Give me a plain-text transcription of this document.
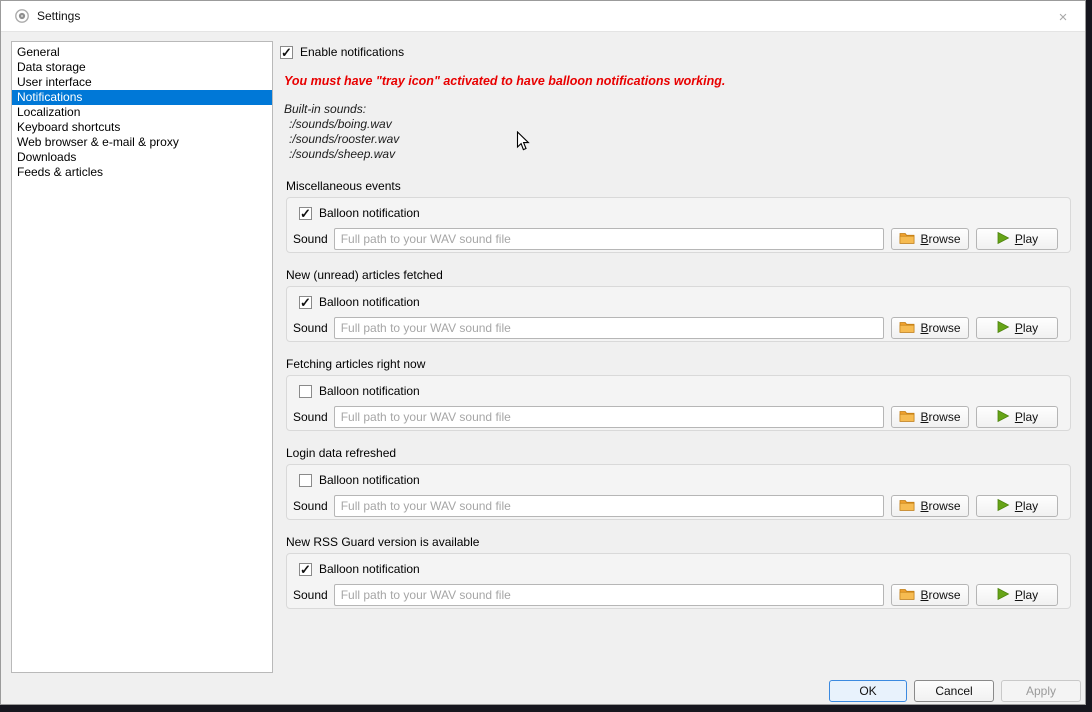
Settings	×
General
Data storage
User interface
Notifications
Localization
Keyboard shortcuts
Web browser & e-mail & proxy
Downloads
Feeds & articles
✓
Enable notifications
You must have "tray icon" activated to have balloon notifications working.
Built-in sounds:
:/sounds/boing.wav
:/sounds/rooster.wav
:/sounds/sheep.wav
Miscellaneous events
✓
Balloon notification
Sound
Full path to your WAV sound file	Browse	Play
New (unread) articles fetched
✓
Balloon notification
Sound
Full path to your WAV sound file	Browse	Play
Fetching articles right now
Balloon notification
Sound
Full path to your WAV sound file	Browse	Play
Login data refreshed
Balloon notification
Sound
Full path to your WAV sound file	Browse	Play
New RSS Guard version is available
✓
Balloon notification
Sound
Full path to your WAV sound file	Browse	Play
OK	Cancel	Apply
